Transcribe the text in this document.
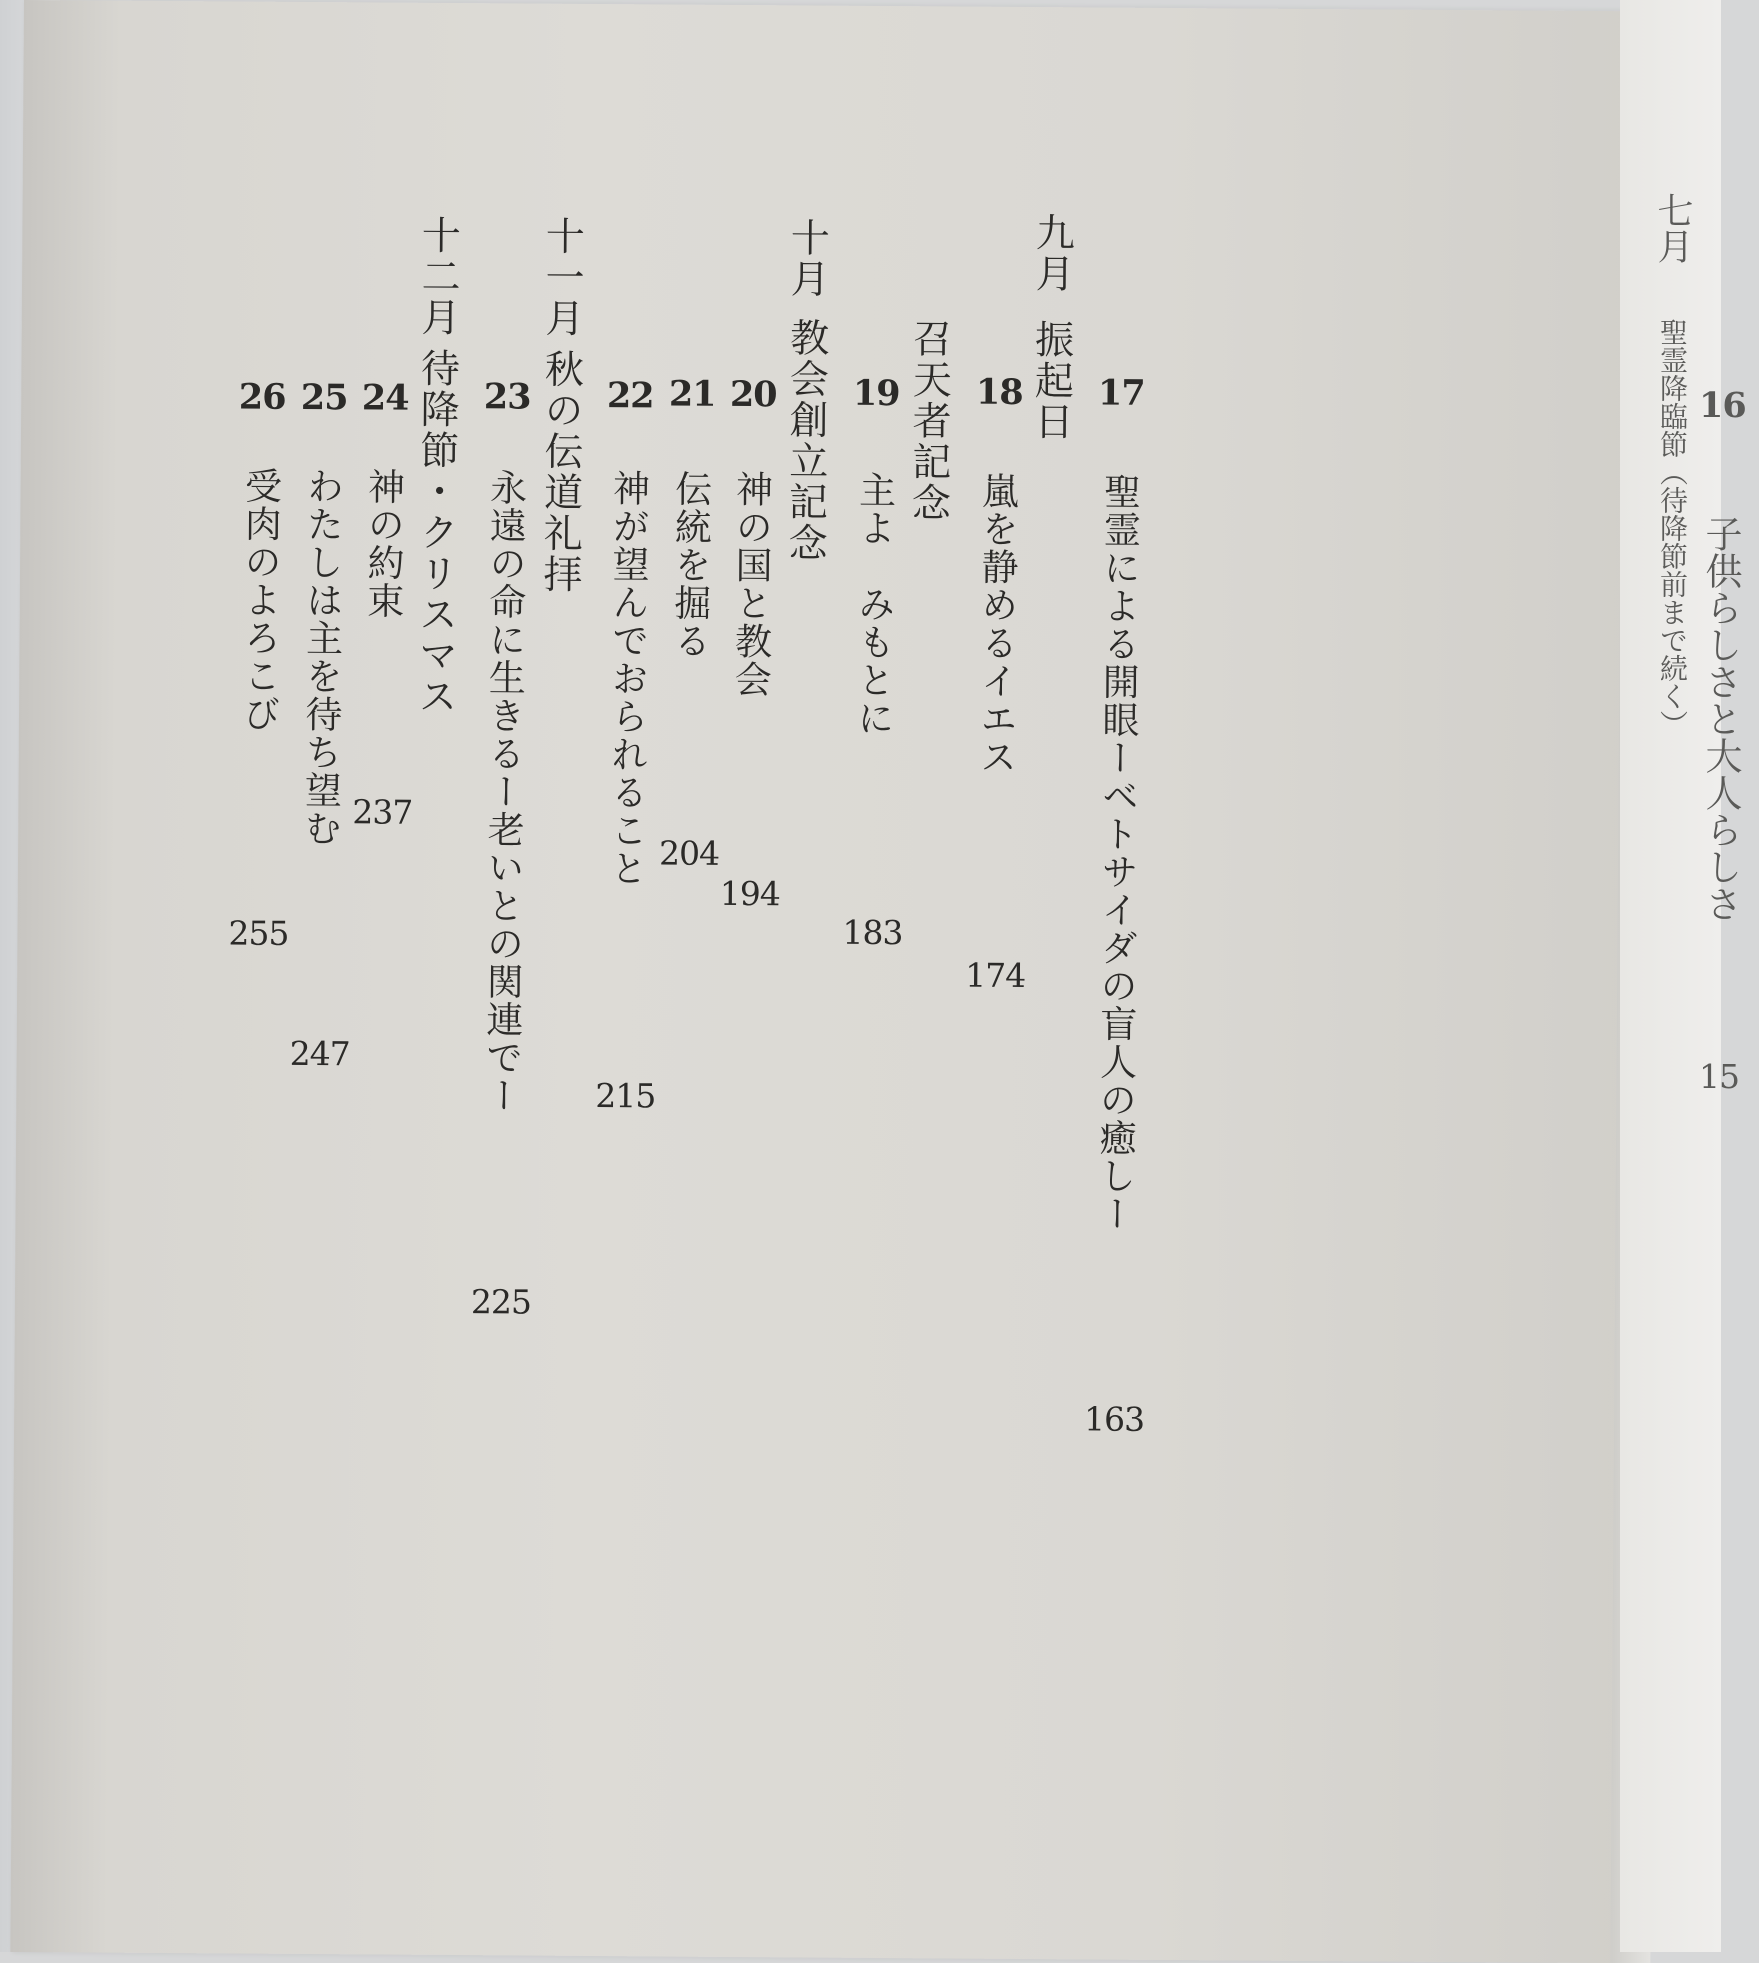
九月
振起日
召天者記念
十月
教会創立記念
十一月
秋の伝道礼拝
十二月
待降節・クリスマス	17
18
19
20
21
22
23
24
25
26
聖霊による開眼ーベトサイダの盲人の癒しー
嵐を静めるイエス
主よ　みもとに
神の国と教会
伝統を掘る
神が望んでおられること
永遠の命に生きるー老いとの関連でー
神の約束
わたしは主を待ち望む
受肉のよろこび
163
174
183
194
204
215
225
237
247
255
七月
聖霊降臨節（待降節前まで続く） 16
子供らしさと大人らしさ
15
